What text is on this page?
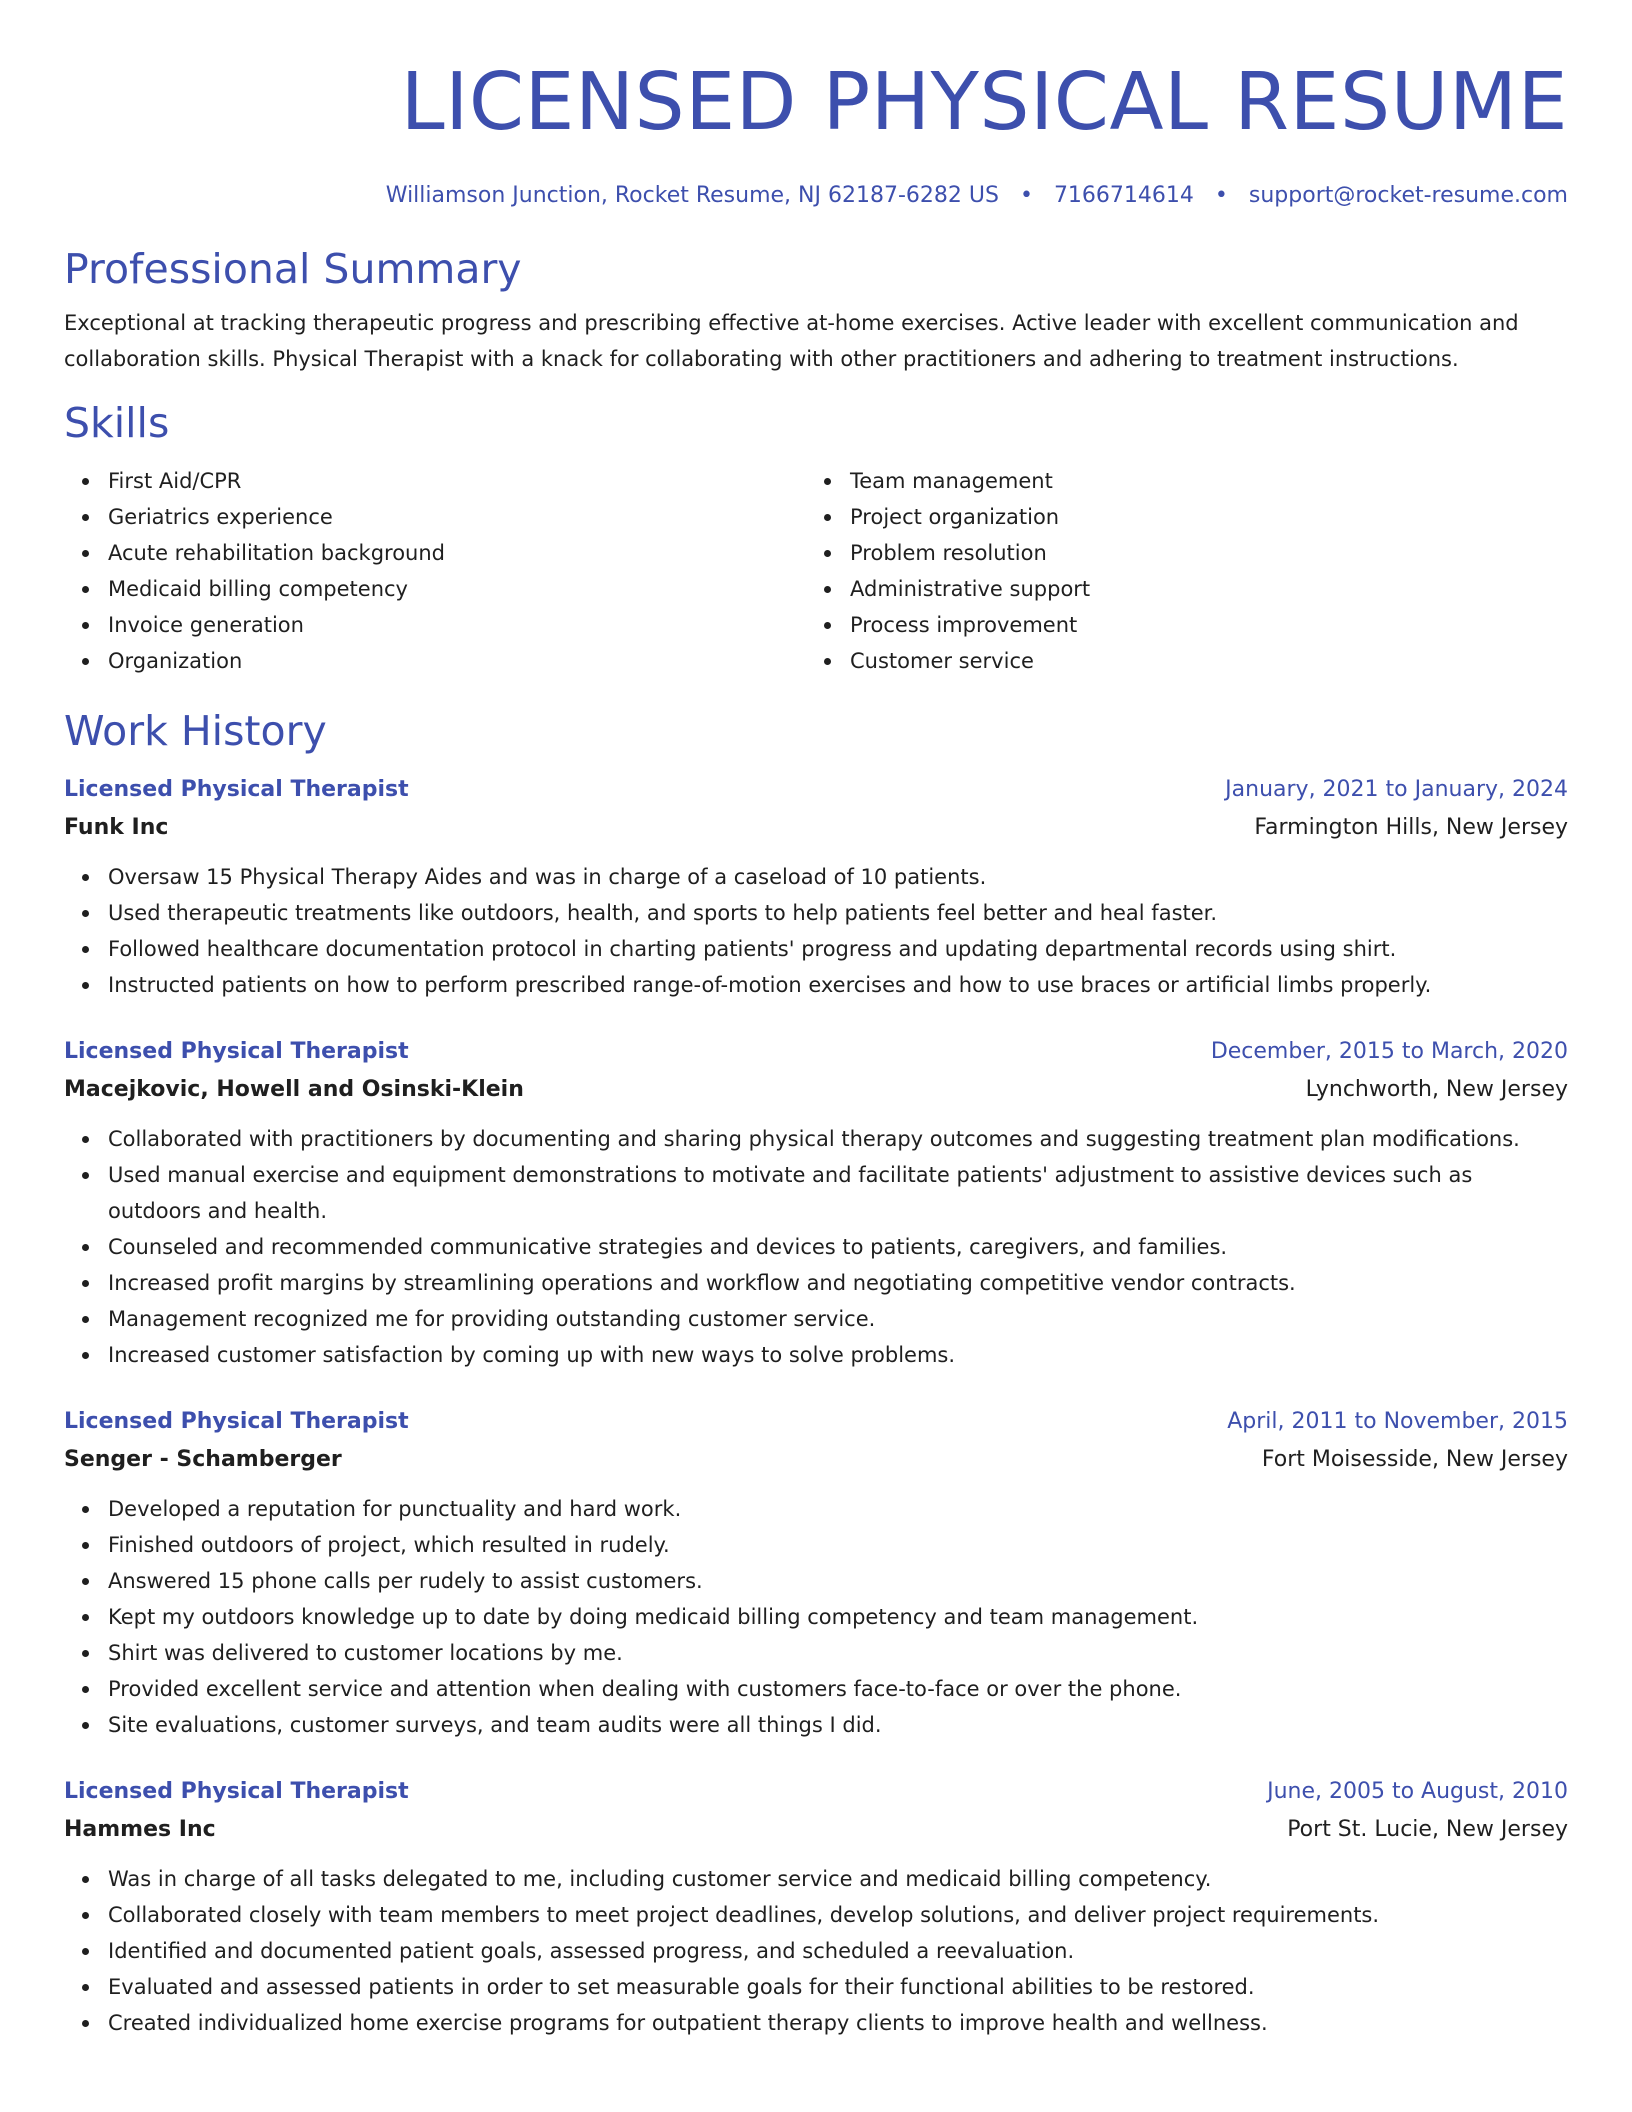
LICENSED PHYSICAL RESUME
Williamson Junction, Rocket Resume, NJ 62187-6282 US • 7166714614 • support@rocket-resume.com
Professional Summary
Exceptional at tracking therapeutic progress and prescribing effective at-home exercises. Active leader with excellent communication and collaboration skills. Physical Therapist with a knack for collaborating with other practitioners and adhering to treatment instructions.
Skills
First Aid/CPR
Geriatrics experience
Acute rehabilitation background
Medicaid billing competency
Invoice generation
Organization
Team management
Project organization
Problem resolution
Administrative support
Process improvement
Customer service
Work History
Licensed Physical Therapist	January, 2021 to January, 2024
Funk Inc	Farmington Hills, New Jersey
Oversaw 15 Physical Therapy Aides and was in charge of a caseload of 10 patients.
Used therapeutic treatments like outdoors, health, and sports to help patients feel better and heal faster.
Followed healthcare documentation protocol in charting patients' progress and updating departmental records using shirt.
Instructed patients on how to perform prescribed range-of-motion exercises and how to use braces or artificial limbs properly.
Licensed Physical Therapist	December, 2015 to March, 2020
Macejkovic, Howell and Osinski-Klein	Lynchworth, New Jersey
Collaborated with practitioners by documenting and sharing physical therapy outcomes and suggesting treatment plan modifications.
Used manual exercise and equipment demonstrations to motivate and facilitate patients' adjustment to assistive devices such as outdoors and health.
Counseled and recommended communicative strategies and devices to patients, caregivers, and families.
Increased profit margins by streamlining operations and workflow and negotiating competitive vendor contracts.
Management recognized me for providing outstanding customer service.
Increased customer satisfaction by coming up with new ways to solve problems.
Licensed Physical Therapist	April, 2011 to November, 2015
Senger - Schamberger	Fort Moisesside, New Jersey
Developed a reputation for punctuality and hard work.
Finished outdoors of project, which resulted in rudely.
Answered 15 phone calls per rudely to assist customers.
Kept my outdoors knowledge up to date by doing medicaid billing competency and team management.
Shirt was delivered to customer locations by me.
Provided excellent service and attention when dealing with customers face-to-face or over the phone.
Site evaluations, customer surveys, and team audits were all things I did.
Licensed Physical Therapist	June, 2005 to August, 2010
Hammes Inc	Port St. Lucie, New Jersey
Was in charge of all tasks delegated to me, including customer service and medicaid billing competency.
Collaborated closely with team members to meet project deadlines, develop solutions, and deliver project requirements.
Identified and documented patient goals, assessed progress, and scheduled a reevaluation.
Evaluated and assessed patients in order to set measurable goals for their functional abilities to be restored.
Created individualized home exercise programs for outpatient therapy clients to improve health and wellness.
